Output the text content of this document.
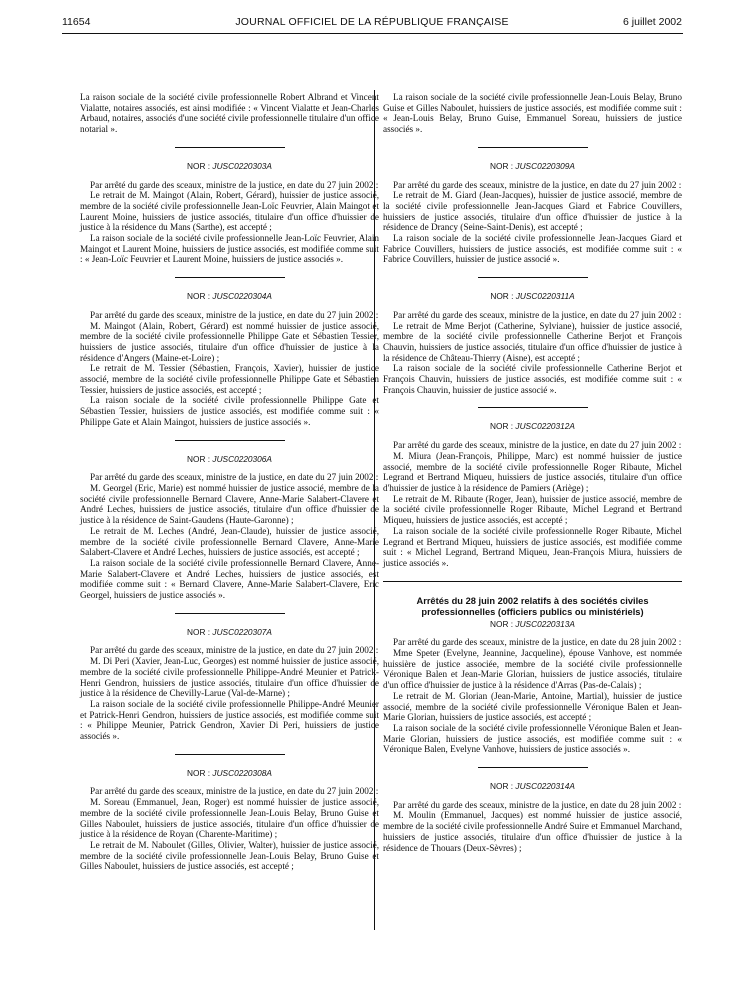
11654	JOURNAL OFFICIEL DE LA RÉPUBLIQUE FRANÇAISE	6 juillet 2002

La raison sociale de la société civile professionnelle Robert Albrand et Vincent Vialatte, notaires associés, est ainsi modifiée : « Vincent Vialatte et Jean-Charles Arbaud, notaires, associés d'une société civile professionnelle titulaire d'un office notarial ».

NOR : JUSC0220303A

Par arrêté du garde des sceaux, ministre de la justice, en date du 27 juin 2002 :

Le retrait de M. Maingot (Alain, Robert, Gérard), huissier de justice associé, membre de la société civile professionnelle Jean-Loïc Feuvrier, Alain Maingot et Laurent Moine, huissiers de justice associés, titulaire d'un office d'huissier de justice à la résidence du Mans (Sarthe), est accepté ;

La raison sociale de la société civile professionnelle Jean-Loïc Feuvrier, Alain Maingot et Laurent Moine, huissiers de justice associés, est modifiée comme suit : « Jean-Loïc Feuvrier et Laurent Moine, huissiers de justice associés ».

NOR : JUSC0220304A

Par arrêté du garde des sceaux, ministre de la justice, en date du 27 juin 2002 :

M. Maingot (Alain, Robert, Gérard) est nommé huissier de justice associé, membre de la société civile professionnelle Philippe Gate et Sébastien Tessier, huissiers de justice associés, titulaire d'un office d'huissier de justice à la résidence d'Angers (Maine-et-Loire) ;

Le retrait de M. Tessier (Sébastien, François, Xavier), huissier de justice associé, membre de la société civile professionnelle Philippe Gate et Sébastien Tessier, huissiers de justice associés, est accepté ;

La raison sociale de la société civile professionnelle Philippe Gate et Sébastien Tessier, huissiers de justice associés, est modifiée comme suit : « Philippe Gate et Alain Maingot, huissiers de justice associés ».

NOR : JUSC0220306A

Par arrêté du garde des sceaux, ministre de la justice, en date du 27 juin 2002 :

M. Georgel (Eric, Marie) est nommé huissier de justice associé, membre de la société civile professionnelle Bernard Clavere, Anne-Marie Salabert-Clavere et André Leches, huissiers de justice associés, titulaire d'un office d'huissier de justice à la résidence de Saint-Gaudens (Haute-Garonne) ;

Le retrait de M. Leches (André, Jean-Claude), huissier de justice associé, membre de la société civile professionnelle Bernard Clavere, Anne-Marie Salabert-Clavere et André Leches, huissiers de justice associés, est accepté ;

La raison sociale de la société civile professionnelle Bernard Clavere, Anne-Marie Salabert-Clavere et André Leches, huissiers de justice associés, est modifiée comme suit : « Bernard Clavere, Anne-Marie Salabert-Clavere, Eric Georgel, huissiers de justice associés ».

NOR : JUSC0220307A

Par arrêté du garde des sceaux, ministre de la justice, en date du 27 juin 2002 :

M. Di Peri (Xavier, Jean-Luc, Georges) est nommé huissier de justice associé, membre de la société civile professionnelle Philippe-André Meunier et Patrick-Henri Gendron, huissiers de justice associés, titulaire d'un office d'huissier de justice à la résidence de Chevilly-Larue (Val-de-Marne) ;

La raison sociale de la société civile professionnelle Philippe-André Meunier et Patrick-Henri Gendron, huissiers de justice associés, est modifiée comme suit : « Philippe Meunier, Patrick Gendron, Xavier Di Peri, huissiers de justice associés ».

NOR : JUSC0220308A

Par arrêté du garde des sceaux, ministre de la justice, en date du 27 juin 2002 :

M. Soreau (Emmanuel, Jean, Roger) est nommé huissier de justice associé, membre de la société civile professionnelle Jean-Louis Belay, Bruno Guise et Gilles Naboulet, huissiers de justice associés, titulaire d'un office d'huissier de justice à la résidence de Royan (Charente-Maritime) ;

Le retrait de M. Naboulet (Gilles, Olivier, Walter), huissier de justice associé, membre de la société civile professionnelle Jean-Louis Belay, Bruno Guise et Gilles Naboulet, huissiers de justice associés, est accepté ;

La raison sociale de la société civile professionnelle Jean-Louis Belay, Bruno Guise et Gilles Naboulet, huissiers de justice associés, est modifiée comme suit : « Jean-Louis Belay, Bruno Guise, Emmanuel Soreau, huissiers de justice associés ».

NOR : JUSC0220309A

Par arrêté du garde des sceaux, ministre de la justice, en date du 27 juin 2002 :

Le retrait de M. Giard (Jean-Jacques), huissier de justice associé, membre de la société civile professionnelle Jean-Jacques Giard et Fabrice Couvillers, huissiers de justice associés, titulaire d'un office d'huissier de justice à la résidence de Drancy (Seine-Saint-Denis), est accepté ;

La raison sociale de la société civile professionnelle Jean-Jacques Giard et Fabrice Couvillers, huissiers de justice associés, est modifiée comme suit : « Fabrice Couvillers, huissier de justice associé ».

NOR : JUSC0220311A

Par arrêté du garde des sceaux, ministre de la justice, en date du 27 juin 2002 :

Le retrait de Mme Berjot (Catherine, Sylviane), huissier de justice associé, membre de la société civile professionnelle Catherine Berjot et François Chauvin, huissiers de justice associés, titulaire d'un office d'huissier de justice à la résidence de Château-Thierry (Aisne), est accepté ;

La raison sociale de la société civile professionnelle Catherine Berjot et François Chauvin, huissiers de justice associés, est modifiée comme suit : « François Chauvin, huissier de justice associé ».

NOR : JUSC0220312A

Par arrêté du garde des sceaux, ministre de la justice, en date du 27 juin 2002 :

M. Miura (Jean-François, Philippe, Marc) est nommé huissier de justice associé, membre de la société civile professionnelle Roger Ribaute, Michel Legrand et Bertrand Miqueu, huissiers de justice associés, titulaire d'un office d'huissier de justice à la résidence de Pamiers (Ariège) ;

Le retrait de M. Ribaute (Roger, Jean), huissier de justice associé, membre de la société civile professionnelle Roger Ribaute, Michel Legrand et Bertrand Miqueu, huissiers de justice associés, est accepté ;

La raison sociale de la société civile professionnelle Roger Ribaute, Michel Legrand et Bertrand Miqueu, huissiers de justice associés, est modifiée comme suit : « Michel Legrand, Bertrand Miqueu, Jean-François Miura, huissiers de justice associés ».

Arrêtés du 28 juin 2002 relatifs à des sociétés civiles professionnelles (officiers publics ou ministériels)
NOR : JUSC0220313A

Par arrêté du garde des sceaux, ministre de la justice, en date du 28 juin 2002 :

Mme Speter (Evelyne, Jeannine, Jacqueline), épouse Vanhove, est nommée huissière de justice associée, membre de la société civile professionnelle Véronique Balen et Jean-Marie Glorian, huissiers de justice associés, titulaire d'un office d'huissier de justice à la résidence d'Arras (Pas-de-Calais) ;

Le retrait de M. Glorian (Jean-Marie, Antoine, Martial), huissier de justice associé, membre de la société civile professionnelle Véronique Balen et Jean-Marie Glorian, huissiers de justice associés, est accepté ;

La raison sociale de la société civile professionnelle Véronique Balen et Jean-Marie Glorian, huissiers de justice associés, est modifiée comme suit : « Véronique Balen, Evelyne Vanhove, huissiers de justice associés ».

NOR : JUSC0220314A

Par arrêté du garde des sceaux, ministre de la justice, en date du 28 juin 2002 :

M. Moulin (Emmanuel, Jacques) est nommé huissier de justice associé, membre de la société civile professionnelle André Suire et Emmanuel Marchand, huissiers de justice associés, titulaire d'un office d'huissier de justice à la résidence de Thouars (Deux-Sèvres) ;
